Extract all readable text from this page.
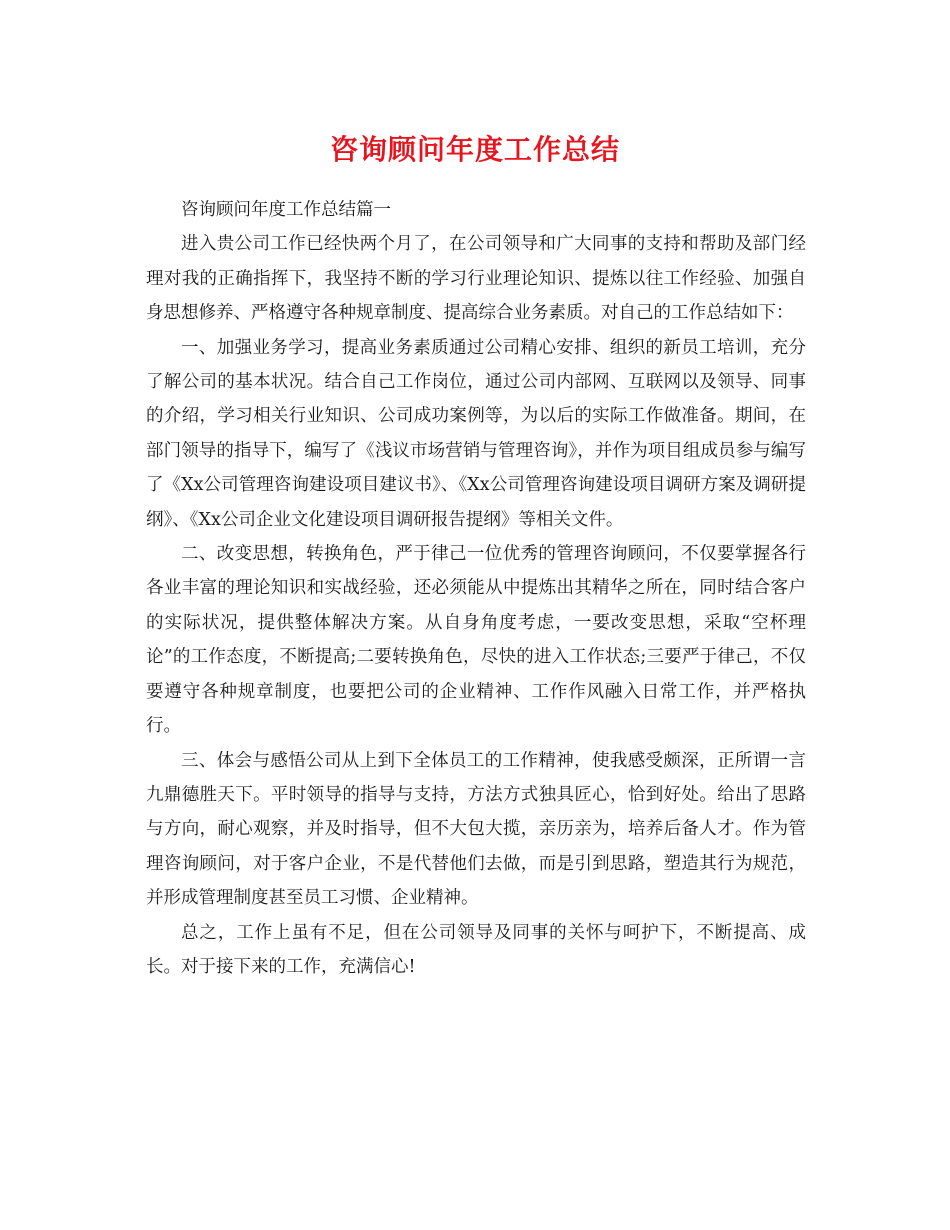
咨询顾问年度工作总结

咨询顾问年度工作总结篇一

进入贵公司工作已经快两个月了，在公司领导和广大同事的支持和帮助及部门经理对我的正确指挥下，我坚持不断的学习行业理论知识、提炼以往工作经验、加强自身思想修养、严格遵守各种规章制度、提高综合业务素质。对自己的工作总结如下：

一、加强业务学习，提高业务素质通过公司精心安排、组织的新员工培训，充分了解公司的基本状况。结合自己工作岗位，通过公司内部网、互联网以及领导、同事的介绍，学习相关行业知识、公司成功案例等，为以后的实际工作做准备。期间，在部门领导的指导下，编写了《浅议市场营销与管理咨询》，并作为项目组成员参与编写了《Xx公司管理咨询建设项目建议书》、《Xx公司管理咨询建设项目调研方案及调研提纲》、《Xx公司企业文化建设项目调研报告提纲》等相关文件。

二、改变思想，转换角色，严于律己一位优秀的管理咨询顾问，不仅要掌握各行各业丰富的理论知识和实战经验，还必须能从中提炼出其精华之所在，同时结合客户的实际状况，提供整体解决方案。从自身角度考虑，一要改变思想，采取“空杯理论”的工作态度，不断提高;二要转换角色，尽快的进入工作状态;三要严于律己，不仅要遵守各种规章制度，也要把公司的企业精神、工作作风融入日常工作，并严格执行。

三、体会与感悟公司从上到下全体员工的工作精神，使我感受颇深，正所谓一言九鼎德胜天下。平时领导的指导与支持，方法方式独具匠心，恰到好处。给出了思路与方向，耐心观察，并及时指导，但不大包大揽，亲历亲为，培养后备人才。作为管理咨询顾问，对于客户企业，不是代替他们去做，而是引到思路，塑造其行为规范，并形成管理制度甚至员工习惯、企业精神。

总之，工作上虽有不足，但在公司领导及同事的关怀与呵护下，不断提高、成长。对于接下来的工作，充满信心!
